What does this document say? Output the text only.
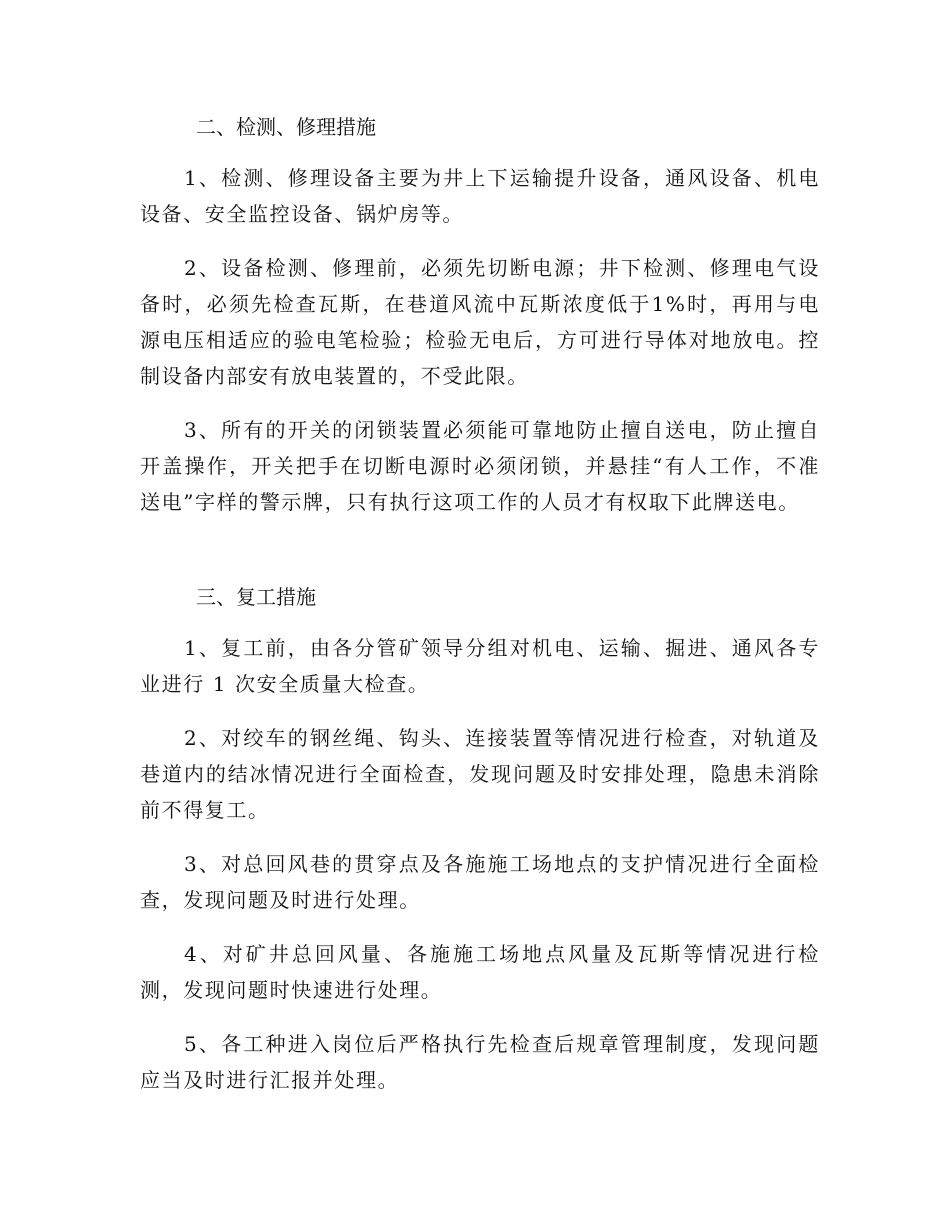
二、检测、修理措施

1、检测、修理设备主要为井上下运输提升设备，通风设备、机电设备、安全监控设备、锅炉房等。

2、设备检测、修理前，必须先切断电源；井下检测、修理电气设备时，必须先检查瓦斯，在巷道风流中瓦斯浓度低于1%时，再用与电源电压相适应的验电笔检验；检验无电后，方可进行导体对地放电。控制设备内部安有放电装置的，不受此限。

3、所有的开关的闭锁装置必须能可靠地防止擅自送电，防止擅自开盖操作，开关把手在切断电源时必须闭锁，并悬挂“有人工作，不准送电”字样的警示牌，只有执行这项工作的人员才有权取下此牌送电。

三、复工措施

1、复工前，由各分管矿领导分组对机电、运输、掘进、通风各专业进行 1 次安全质量大检查。

2、对绞车的钢丝绳、钩头、连接装置等情况进行检查，对轨道及巷道内的结冰情况进行全面检查，发现问题及时安排处理，隐患未消除前不得复工。

3、对总回风巷的贯穿点及各施施工场地点的支护情况进行全面检查，发现问题及时进行处理。

4、对矿井总回风量、各施施工场地点风量及瓦斯等情况进行检测，发现问题时快速进行处理。

5、各工种进入岗位后严格执行先检查后规章管理制度，发现问题应当及时进行汇报并处理。
